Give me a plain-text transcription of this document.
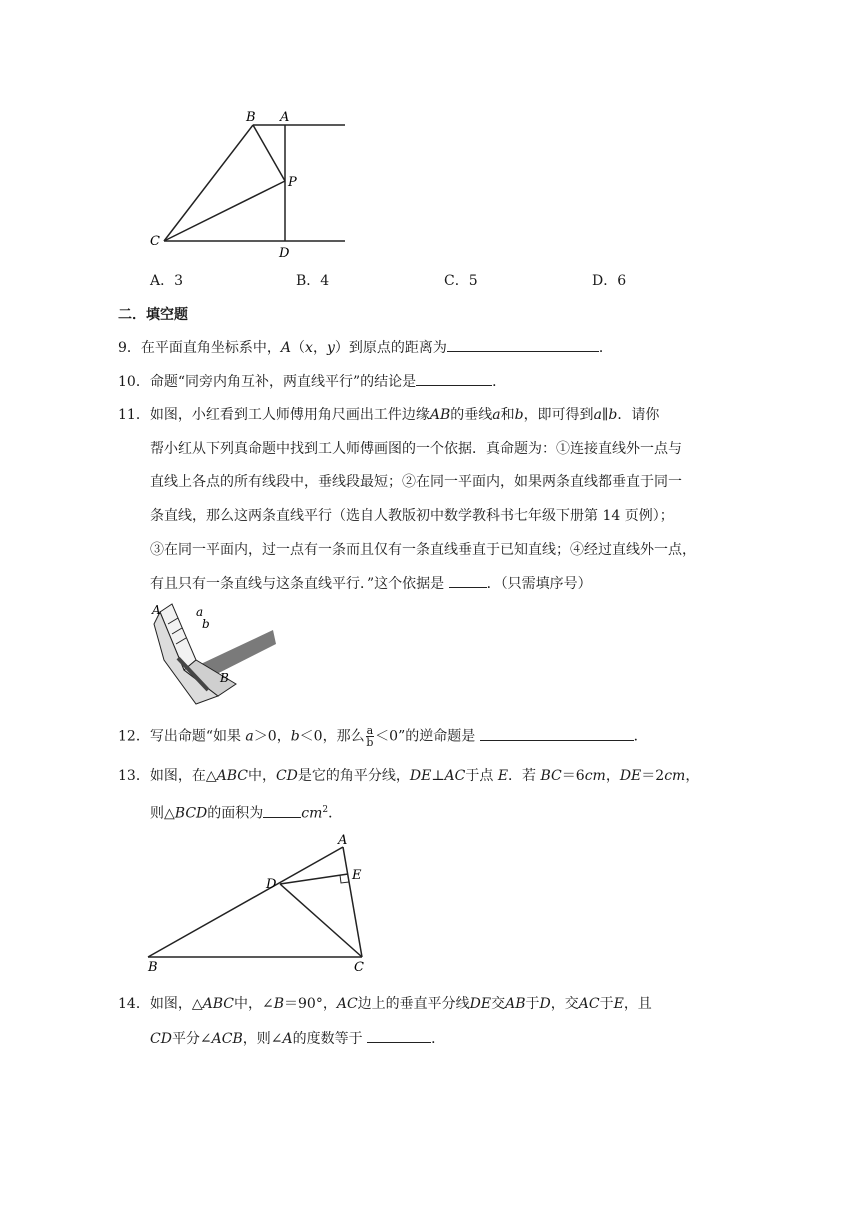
B A
P
C
D
A．3	B．4	C．5	D．6
二．填空题
9．在平面直角坐标系中，A（x，y）到原点的距离为	．
10．命题“同旁内角互补，两直线平行”的结论是	．
11．如图，小红看到工人师傅用角尺画出工件边缘AB的垂线a和b，即可得到a∥b．请你
帮小红从下列真命题中找到工人师傅画图的一个依据．真命题为：①连接直线外一点与
直线上各点的所有线段中，垂线段最短；②在同一平面内，如果两条直线都垂直于同一
条直线，那么这两条直线平行（选自人教版初中数学教科书七年级下册第 14 页例）；
③在同一平面内，过一点有一条而且仅有一条直线垂直于已知直线；④经过直线外一点，
有且只有一条直线与这条直线平行．”这个依据是	．（只需填序号）
A	a
b
B
12．写出命题“如果 a＞0，b＜0，那么 $\frac{a}{b} <0$”的逆命题是	．
13．如图，在△ABC中，CD是它的角平分线，DE⊥AC于点 E．若 BC＝6cm，DE＝2cm，
则△BCD的面积为	$cm^2$．
A
D
E
B	C
14．如图，△ABC中，∠B＝90°，AC边上的垂直平分线DE交AB于D，交AC于E，且
CD平分∠ACB，则∠A的度数等于	．
